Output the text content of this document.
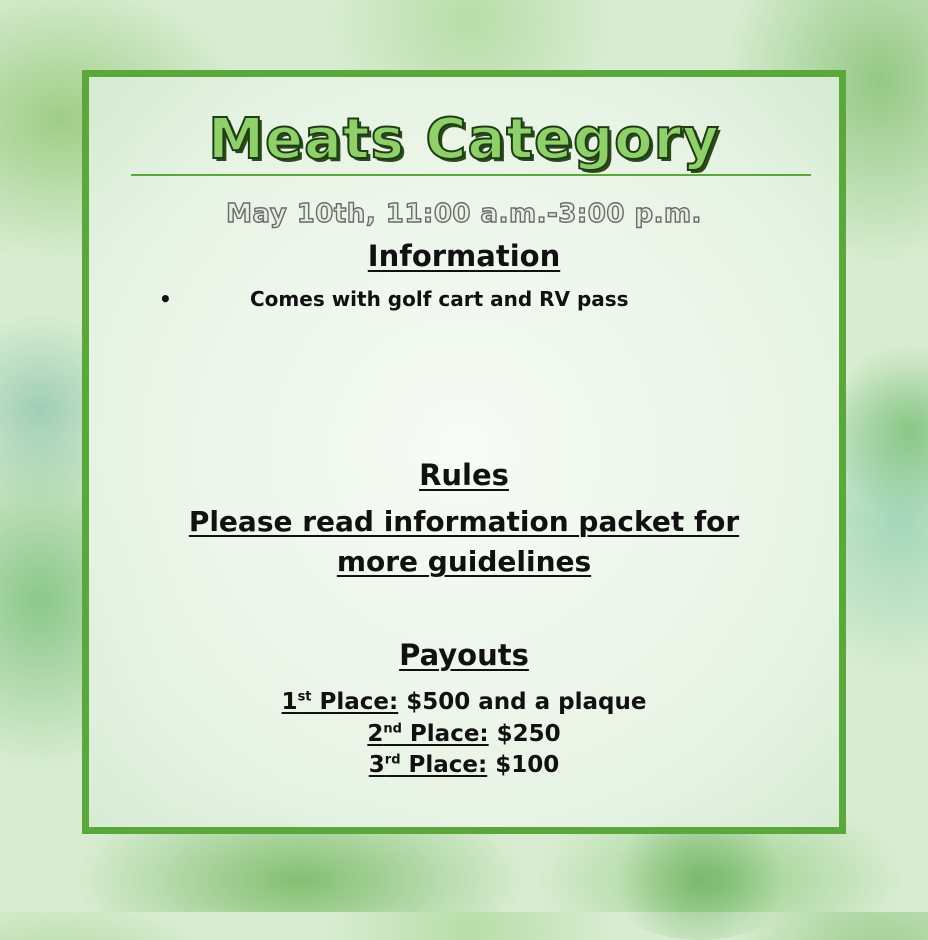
Meats Category
May 10th, 11:00 a.m.-3:00 p.m.
Information
•	Comes with golf cart and RV pass
Rules
Please read information packet for
more guidelines
Payouts
1st Place: $500 and a plaque
2nd Place: $250
3rd Place: $100
